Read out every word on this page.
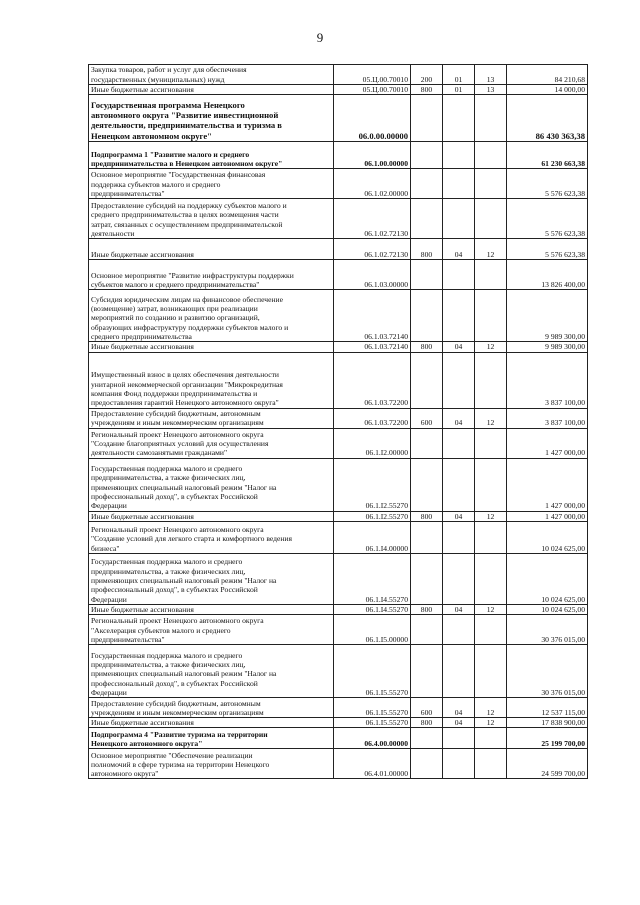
9
Закупка товаров, работ и услуг для обеспечения
государственных (муниципальных) нужд	05.Ц.00.70010	200	01	13	84 210,68
Иные бюджетные ассигнования	05.Ц.00.70010	800	01	13	14 000,00
Государственная программа Ненецкого
автономного округа "Развитие инвестиционной
деятельности, предпринимательства и туризма в
Ненецком автономном округе"	06.0.00.00000				86 430 363,38
Подпрограмма 1 "Развитие малого и среднего
предпринимательства в Ненецком автономном округе"	06.1.00.00000				61 230 663,38
Основное мероприятие "Государственная финансовая
поддержка субъектов малого и среднего
предпринимательства"	06.1.02.00000				5 576 623,38
Предоставление субсидий на поддержку субъектов малого и
среднего предпринимательства в целях возмещения части
затрат, связанных с осуществлением предпринимательской
деятельности	06.1.02.72130				5 576 623,38
Иные бюджетные ассигнования	06.1.02.72130	800	04	12	5 576 623,38
Основное мероприятие "Развитие инфраструктуры поддержки
субъектов малого и среднего предпринимательства"	06.1.03.00000				13 826 400,00
Субсидия юридическим лицам на финансовое обеспечение
(возмещение) затрат, возникающих при реализации
мероприятий по созданию и развитию организаций,
образующих инфраструктуру поддержки субъектов малого и
среднего предпринимательства	06.1.03.72140				9 989 300,00
Иные бюджетные ассигнования	06.1.03.72140	800	04	12	9 989 300,00
Имущественный взнос в целях обеспечения деятельности
унитарной некоммерческой организации "Микрокредитная
компания Фонд поддержки предпринимательства и
предоставления гарантий Ненецкого автономного округа"	06.1.03.72200				3 837 100,00
Предоставление субсидий бюджетным, автономным
учреждениям и иным некоммерческим организациям	06.1.03.72200	600	04	12	3 837 100,00
Региональный проект Ненецкого автономного округа
"Создание благоприятных условий для осуществления
деятельности самозанятыми гражданами"	06.1.I2.00000				1 427 000,00
Государственная поддержка малого и среднего
предпринимательства, а также физических лиц,
применяющих специальный налоговый режим "Налог на
профессиональный доход", в субъектах Российской
Федерации	06.1.I2.55270				1 427 000,00
Иные бюджетные ассигнования	06.1.I2.55270	800	04	12	1 427 000,00
Региональный проект Ненецкого автономного округа
"Создание условий для легкого старта и комфортного ведения
бизнеса"	06.1.I4.00000				10 024 625,00
Государственная поддержка малого и среднего
предпринимательства, а также физических лиц,
применяющих специальный налоговый режим "Налог на
профессиональный доход", в субъектах Российской
Федерации	06.1.I4.55270				10 024 625,00
Иные бюджетные ассигнования	06.1.I4.55270	800	04	12	10 024 625,00
Региональный проект Ненецкого автономного округа
"Акселерация субъектов малого и среднего
предпринимательства"	06.1.I5.00000				30 376 015,00
Государственная поддержка малого и среднего
предпринимательства, а также физических лиц,
применяющих специальный налоговый режим "Налог на
профессиональный доход", в субъектах Российской
Федерации	06.1.I5.55270				30 376 015,00
Предоставление субсидий бюджетным, автономным
учреждениям и иным некоммерческим организациям	06.1.I5.55270	600	04	12	12 537 115,00
Иные бюджетные ассигнования	06.1.I5.55270	800	04	12	17 838 900,00
Подпрограмма 4 "Развитие туризма на территории
Ненецкого автономного округа"	06.4.00.00000				25 199 700,00
Основное мероприятие "Обеспечение реализации
полномочий в сфере туризма на территории Ненецкого
автономного округа"	06.4.01.00000				24 599 700,00
